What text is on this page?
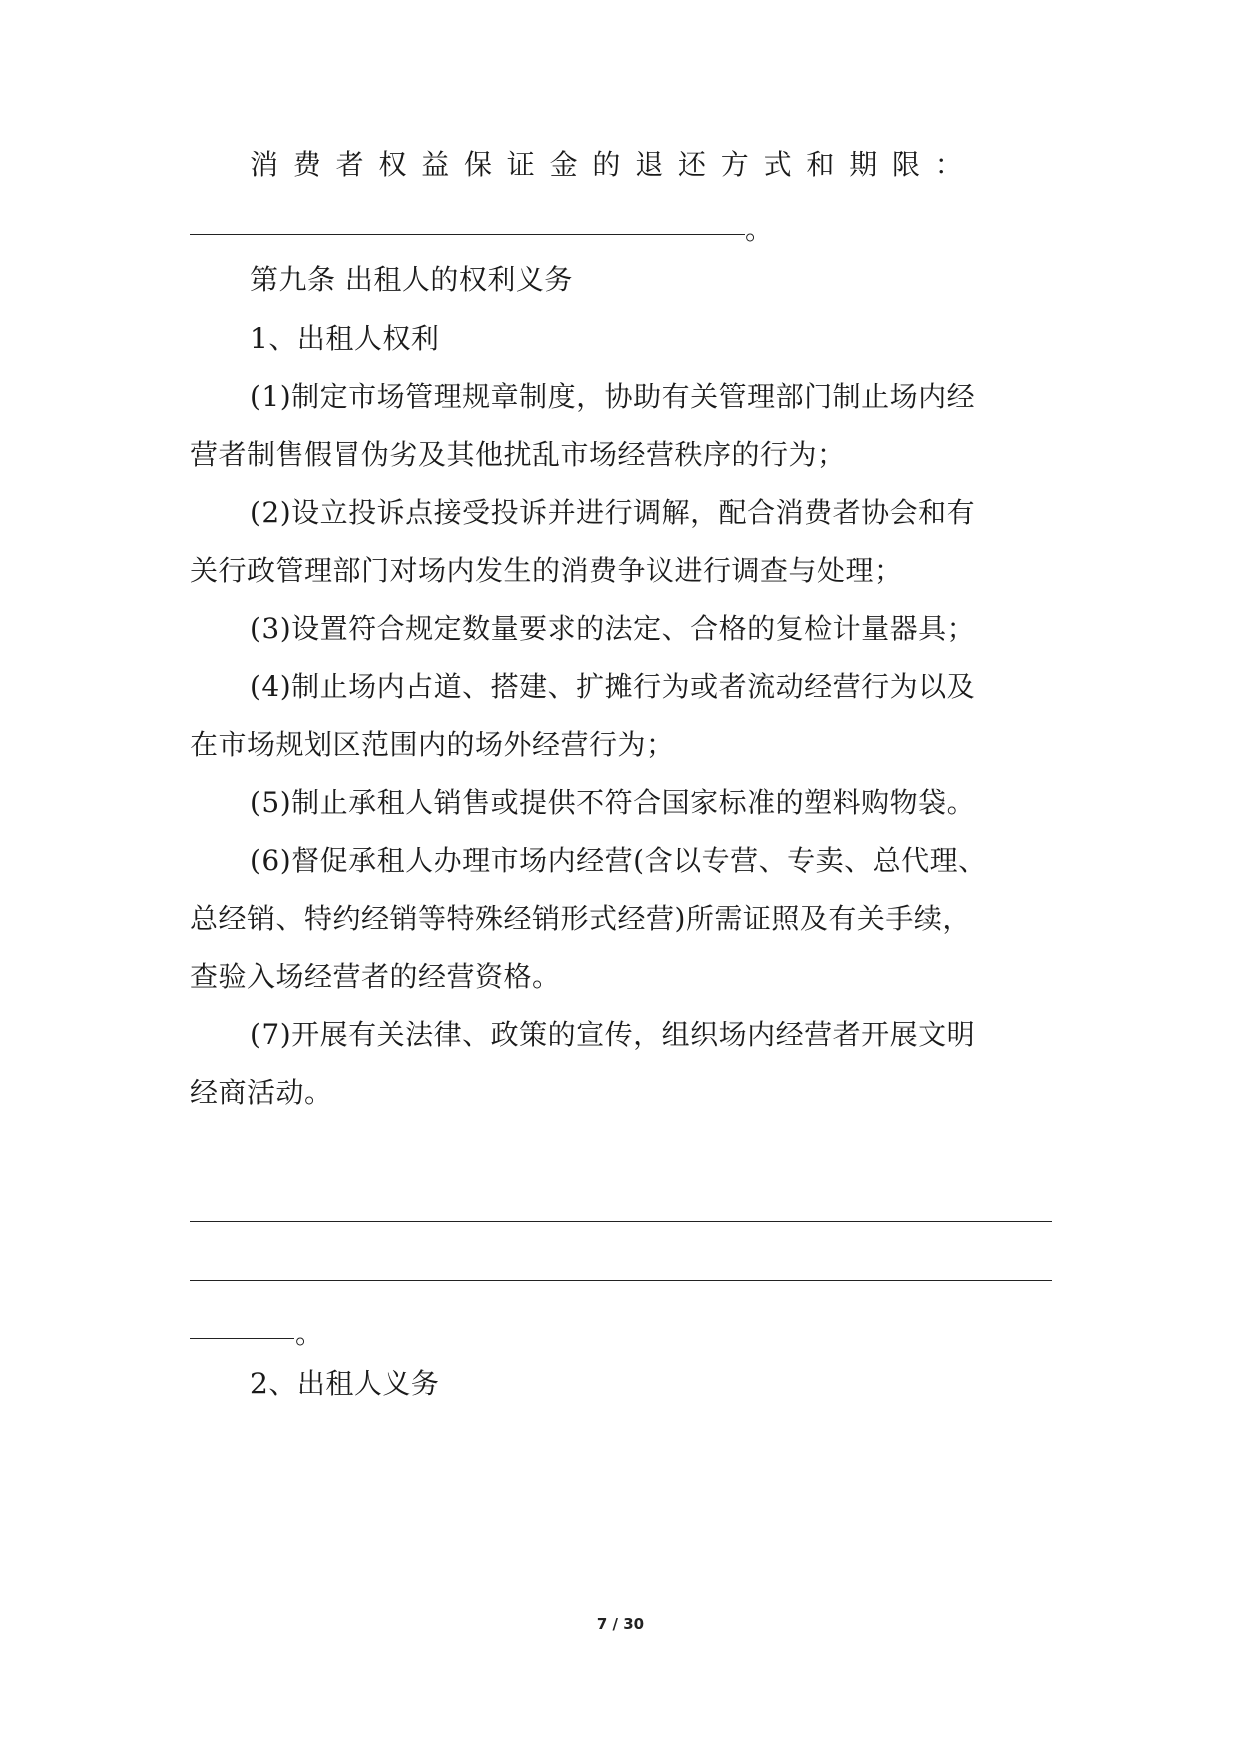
消费者权益保证金的退还方式和期限：
。
第九条 出租人的权利义务
1、出租人权利
(1)制定市场管理规章制度，协助有关管理部门制止场内经
营者制售假冒伪劣及其他扰乱市场经营秩序的行为；
(2)设立投诉点接受投诉并进行调解，配合消费者协会和有
关行政管理部门对场内发生的消费争议进行调查与处理；
(3)设置符合规定数量要求的法定、合格的复检计量器具；
(4)制止场内占道、搭建、扩摊行为或者流动经营行为以及
在市场规划区范围内的场外经营行为；
(5)制止承租人销售或提供不符合国家标准的塑料购物袋。
(6)督促承租人办理市场内经营(含以专营、专卖、总代理、
总经销、特约经销等特殊经销形式经营)所需证照及有关手续，
查验入场经营者的经营资格。
(7)开展有关法律、政策的宣传，组织场内经营者开展文明
经商活动。
。
2、出租人义务
7 / 30
